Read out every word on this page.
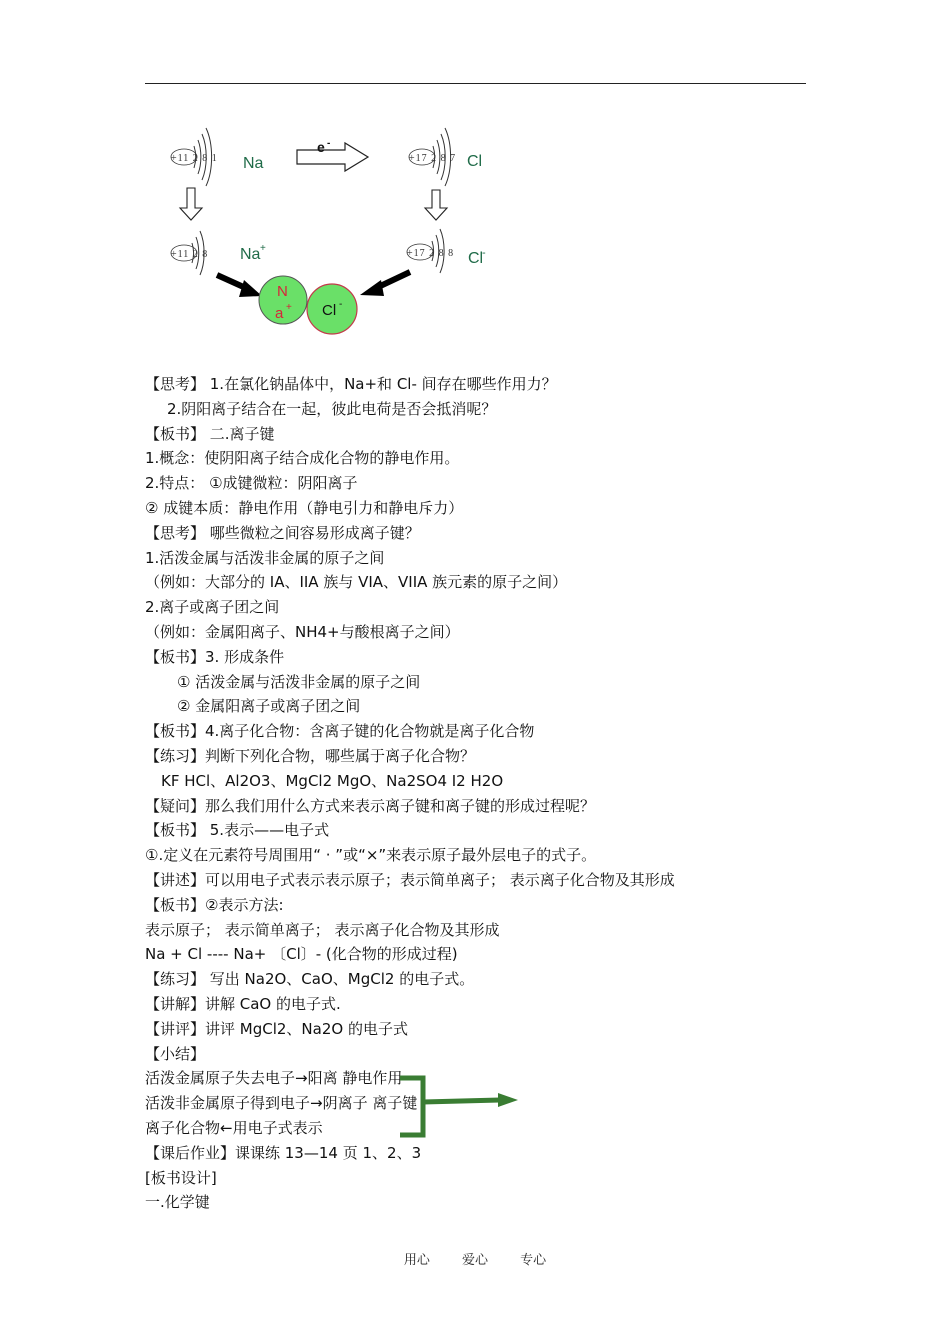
+11 2 8 1 Na
e -
+17 2 8 7 Cl
+11 2 8 Na +	+17 2 8 8 Cl
-
Cl -
N
a +
【思考】 1.在氯化钠晶体中，Na+和 Cl- 间存在哪些作用力？
2.阴阳离子结合在一起，彼此电荷是否会抵消呢？
【板书】 二.离子键
1.概念：使阴阳离子结合成化合物的静电作用。
2.特点： ①成键微粒：阴阳离子
② 成键本质：静电作用（静电引力和静电斥力）
【思考】 哪些微粒之间容易形成离子键？
1.活泼金属与活泼非金属的原子之间
（例如：大部分的 IA、IIA 族与 VIA、VIIA 族元素的原子之间）
2.离子或离子团之间
（例如：金属阳离子、NH4+与酸根离子之间）
【板书】3. 形成条件
① 活泼金属与活泼非金属的原子之间
② 金属阳离子或离子团之间
【板书】4.离子化合物：含离子键的化合物就是离子化合物
【练习】判断下列化合物，哪些属于离子化合物？
KF HCl、Al2O3、MgCl2 MgO、Na2SO4 I2 H2O
【疑问】那么我们用什么方式来表示离子键和离子键的形成过程呢？
【板书】 5.表示——电子式
①.定义在元素符号周围用“ · ”或“×”来表示原子最外层电子的式子。
【讲述】可以用电子式表示表示原子；表示简单离子； 表示离子化合物及其形成
【板书】②表示方法:
表示原子； 表示简单离子； 表示离子化合物及其形成
Na + Cl ---- Na+ 〔Cl〕- (化合物的形成过程)
【练习】 写出 Na2O、CaO、MgCl2 的电子式。
【讲解】讲解 CaO 的电子式.
【讲评】讲评 MgCl2、Na2O 的电子式
【小结】
活泼金属原子失去电子→阳离 静电作用
活泼非金属原子得到电子→阴离子 离子键
离子化合物←用电子式表示
【课后作业】课课练 13—14 页 1、2、3
[板书设计]
一.化学键
用心 爱心 专心
